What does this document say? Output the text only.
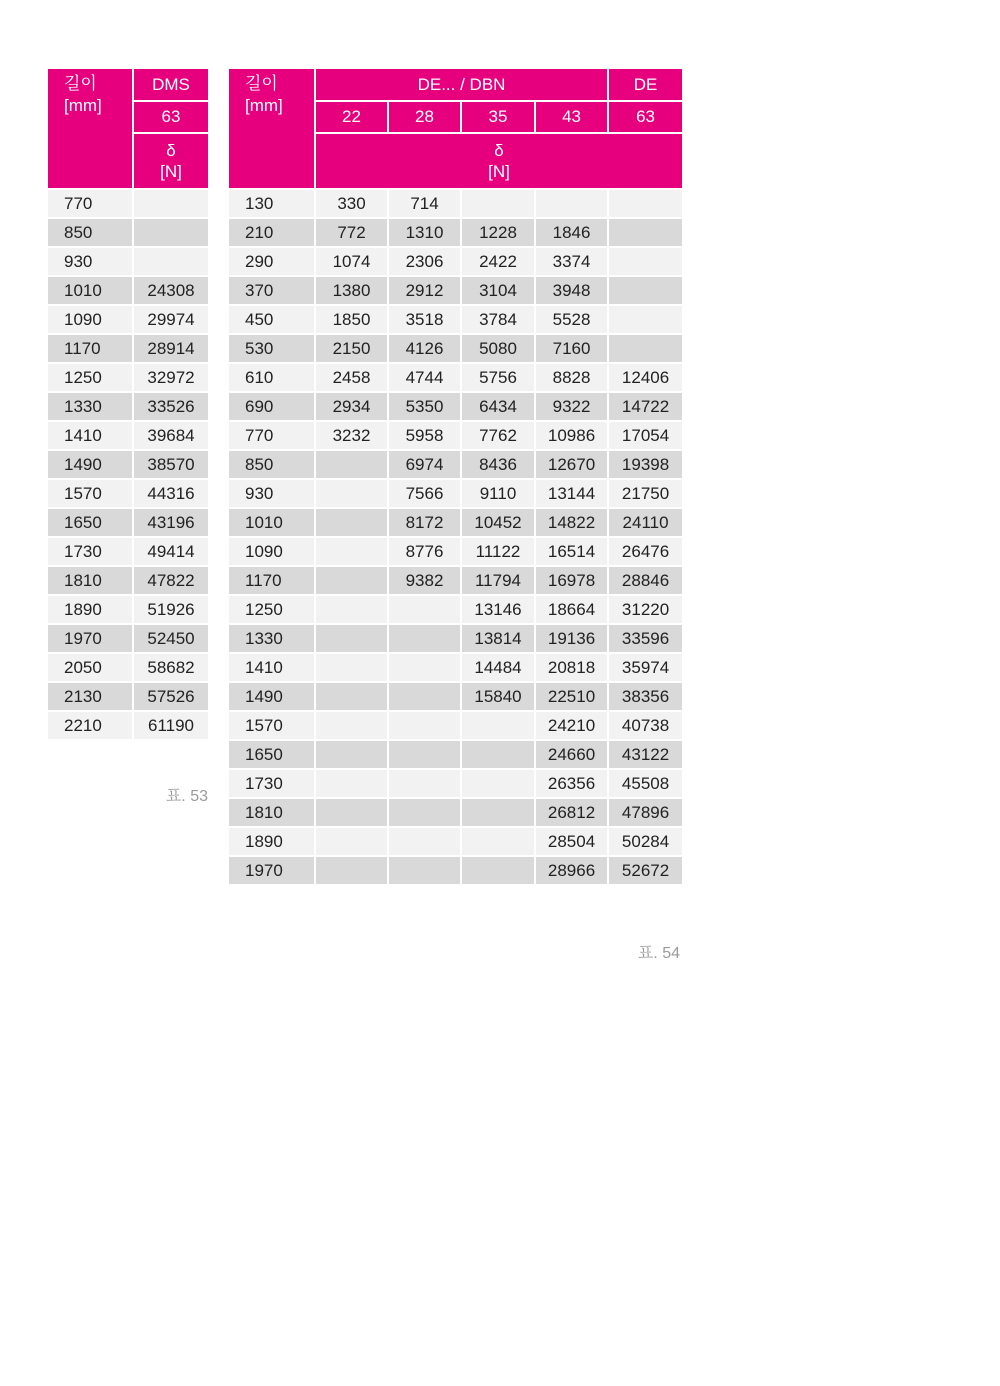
길이
[mm]	DMS
	63

	δ
[N]

770	
850	
930	
1010	24308
1090	29974
1170	28914
1250	32972
1330	33526
1410	39684
1490	38570
1570	44316
1650	43196
1730	49414
1810	47822
1890	51926
1970	52450
2050	58682
2130	57526
2210	61190
표. 53
길이
[mm]	DE... / DBN				DE
	22	28	35	43	63

	δ
[N]				

130	330	714			
210	772	1310	1228	1846	
290	1074	2306	2422	3374	
370	1380	2912	3104	3948	
450	1850	3518	3784	5528	
530	2150	4126	5080	7160	
610	2458	4744	5756	8828	12406
690	2934	5350	6434	9322	14722
770	3232	5958	7762	10986	17054
850		6974	8436	12670	19398
930		7566	9110	13144	21750
1010		8172	10452	14822	24110
1090		8776	11122	16514	26476
1170		9382	11794	16978	28846
1250			13146	18664	31220
1330			13814	19136	33596
1410			14484	20818	35974
1490			15840	22510	38356
1570				24210	40738
1650				24660	43122
1730				26356	45508
1810				26812	47896
1890				28504	50284
1970				28966	52672
표. 54
